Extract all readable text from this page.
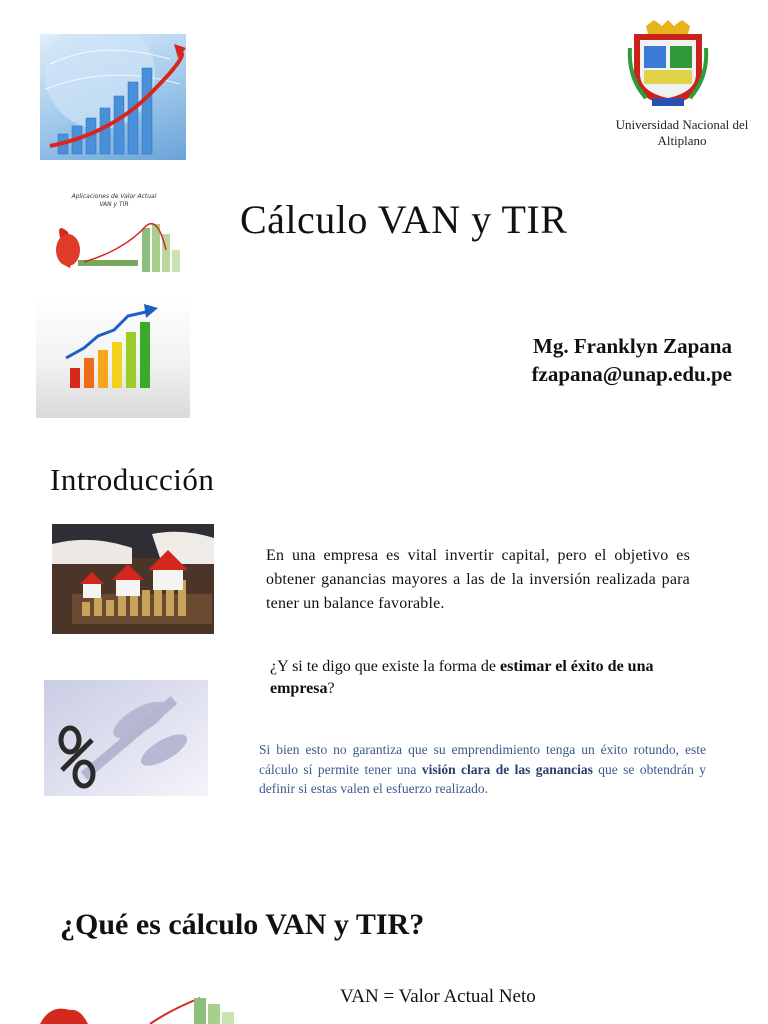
Aplicaciones de Valor Actual
VAN y TIR
Universidad Nacional del Altiplano
Cálculo VAN y TIR
Mg. Franklyn Zapana
fzapana@unap.edu.pe
Introducción
En una empresa es vital invertir capital, pero el objetivo es obtener ganancias mayores a las de la inversión realizada para tener un balance favorable.
¿Y si te digo que existe la forma de estimar el éxito de una empresa?
Si bien esto no garantiza que su emprendimiento tenga un éxito rotundo, este cálculo sí permite tener una visión clara de las ganancias que se obtendrán y definir si estas valen el esfuerzo realizado.
¿Qué es cálculo VAN y TIR?
VAN = Valor Actual Neto
